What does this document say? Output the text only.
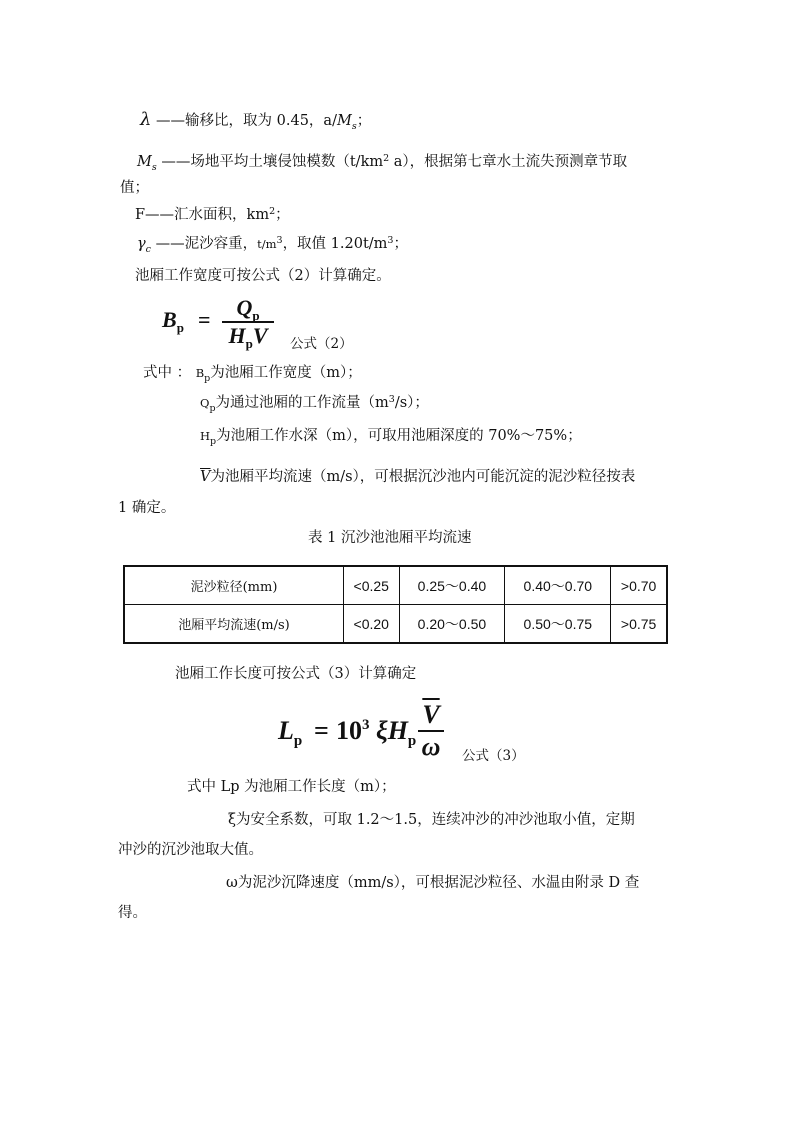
λ ——输移比，取为 0.45，$a/M_s$；
$M_s$ ——场地平均土壤侵蚀模数（$t/km^2$ a），根据第七章水土流失预测章节取
值；
F——汇水面积，$km^2$；
$\gamma_c$ ——泥沙容重，$t/m^3$，取值 $1.20t/m^3$；
池厢工作宽度可按公式（2）计算确定。
$B_p = Q_p$
$H_p\overline{V}$ 公式（2）
式中 ： $B_p$为池厢工作宽度（m）；
$Q_p$为通过池厢的工作流量$(m^3/s)$；
$H_p$为池厢工作水深（m），可取用池厢深度的 70%～75%；
$\overline{V}$为池厢平均流速（m/s），可根据沉沙池内可能沉淀的泥沙粒径按表
1 确定。
表 1 沉沙池池厢平均流速
泥沙粒径(mm)	<0.25	0.25～0.40	0.40～0.70	>0.70
池厢平均流速(m/s)	<0.20	0.20～0.50	0.50～0.75	>0.75
池厢工作长度可按公式（3）计算确定
$L_p = 10^3$ $\xi H_p$
$\overline{V}$
ω 公式（3）
式中 Lp 为池厢工作长度（m）；
ξ为安全系数，可取 1.2～1.5，连续冲沙的冲沙池取小值，定期
冲沙的沉沙池取大值。
ω为泥沙沉降速度（mm/s），可根据泥沙粒径、水温由附录 D 查
得。
